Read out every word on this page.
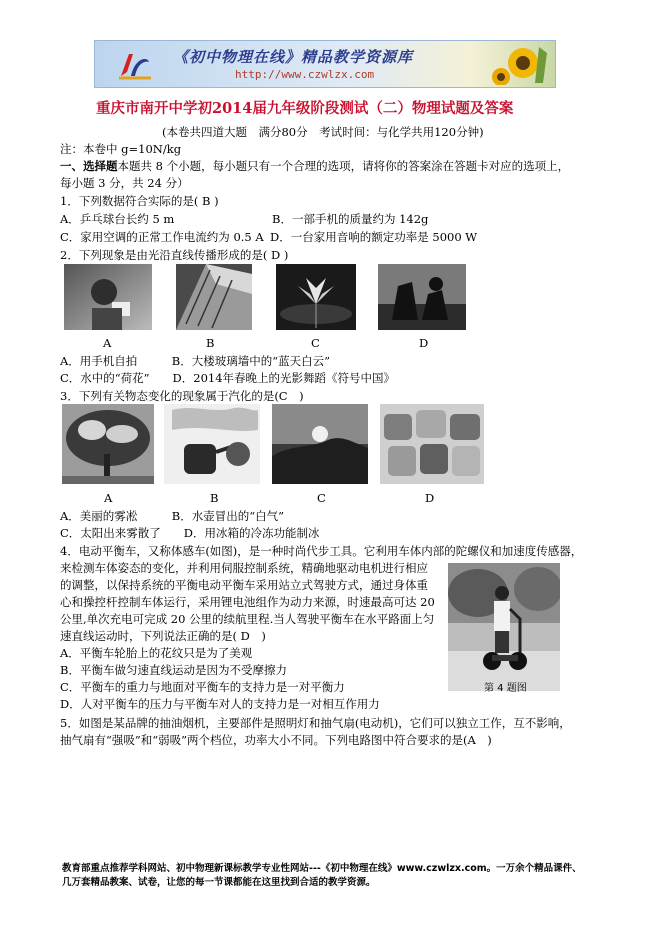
《初中物理在线》精品教学资源库
http://www.czwlzx.com
重庆市南开中学初2014届九年级阶段测试（二）物理试题及答案
(本卷共四道大题　满分80分　考试时间：与化学共用120分钟)
注：本卷中 g=10N/kg
一、选择题本题共 8 个小题，每小题只有一个合理的选项，请将你的答案涂在答题卡对应的选项上，
每小题 3 分，共 24 分）
1．下列数据符合实际的是( B )
A．乒乓球台长约 5 m	B．一部手机的质量约为 142g
C．家用空调的正常工作电流约为 0.5 A D．一台家用音响的额定功率是 5000 W
2．下列现象是由光沿直线传播形成的是( D )
A	B	C	D
A．用手机自拍　　　B．大楼玻璃墙中的“蓝天白云”
C．水中的“荷花”　　D．2014年春晚上的光影舞蹈《符号中国》
3．下列有关物态变化的现象属于汽化的是(C　)
A	B	C	D
A．美丽的雾凇　　　B．水壶冒出的“白气”
C．太阳出来雾散了　　D．用冰箱的冷冻功能制冰
4．电动平衡车，又称体感车(如图)，是一种时尚代步工具。它利用车体内部的陀螺仪和加速度传感器，
来检测车体姿态的变化，并利用伺服控制系统，精确地驱动电机进行相应
的调整，以保持系统的平衡电动平衡车采用站立式驾驶方式，通过身体重
心和操控杆控制车体运行，采用锂电池组作为动力来源，时速最高可达 20
公里,单次充电可完成 20 公里的续航里程.当人驾驶平衡车在水平路面上匀
速直线运动时，下列说法正确的是( D　)
A．平衡车轮胎上的花纹只是为了美观
B．平衡车做匀速直线运动是因为不受摩擦力
C．平衡车的重力与地面对平衡车的支持力是一对平衡力
D．人对平衡车的压力与平衡车对人的支持力是一对相互作用力
第 4 题图
5．如图是某品牌的抽油烟机，主要部件是照明灯和抽气扇(电动机)，它们可以独立工作，互不影响，
抽气扇有“强吸”和“弱吸”两个档位，功率大小不同。下列电路图中符合要求的是(A　)
教育部重点推荐学科网站、初中物理新课标教学专业性网站---《初中物理在线》www.czwlzx.com。一万余个精品课件、
几万套精品教案、试卷，让您的每一节课都能在这里找到合适的教学资源。
